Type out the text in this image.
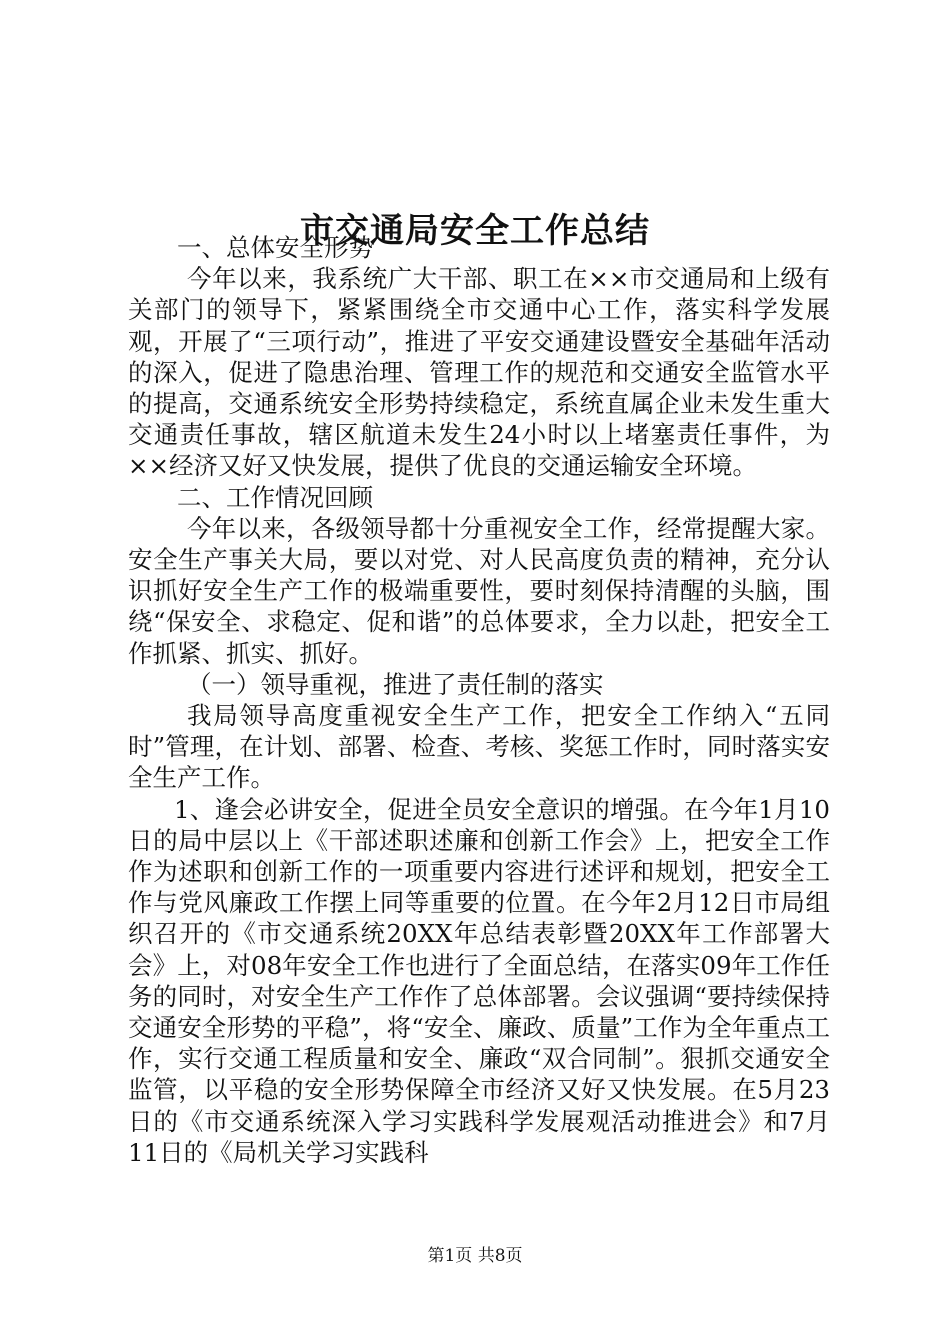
市交通局安全工作总结

一、总体安全形势

今年以来，我系统广大干部、职工在××市交通局和上级有关部门的领导下，紧紧围绕全市交通中心工作，落实科学发展观，开展了“三项行动”，推进了平安交通建设暨安全基础年活动的深入，促进了隐患治理、管理工作的规范和交通安全监管水平的提高，交通系统安全形势持续稳定，系统直属企业未发生重大交通责任事故，辖区航道未发生24小时以上堵塞责任事件，为××经济又好又快发展，提供了优良的交通运输安全环境。

二、工作情况回顾

今年以来，各级领导都十分重视安全工作，经常提醒大家。安全生产事关大局，要以对党、对人民高度负责的精神，充分认识抓好安全生产工作的极端重要性，要时刻保持清醒的头脑，围绕“保安全、求稳定、促和谐”的总体要求，全力以赴，把安全工作抓紧、抓实、抓好。

（一）领导重视，推进了责任制的落实

我局领导高度重视安全生产工作，把安全工作纳入“五同时”管理，在计划、部署、检查、考核、奖惩工作时，同时落实安全生产工作。

1、逢会必讲安全，促进全员安全意识的增强。在今年1月10日的局中层以上《干部述职述廉和创新工作会》上，把安全工作作为述职和创新工作的一项重要内容进行述评和规划，把安全工作与党风廉政工作摆上同等重要的位置。在今年2月12日市局组织召开的《市交通系统20XX年总结表彰暨20XX年工作部署大会》上，对08年安全工作也进行了全面总结，在落实09年工作任务的同时，对安全生产工作作了总体部署。会议强调“要持续保持交通安全形势的平稳”，将“安全、廉政、质量”工作为全年重点工作，实行交通工程质量和安全、廉政“双合同制”。狠抓交通安全监管，以平稳的安全形势保障全市经济又好又快发展。在5月23日的《市交通系统深入学习实践科学发展观活动推进会》和7月11日的《局机关学习实践科

第1页 共8页
